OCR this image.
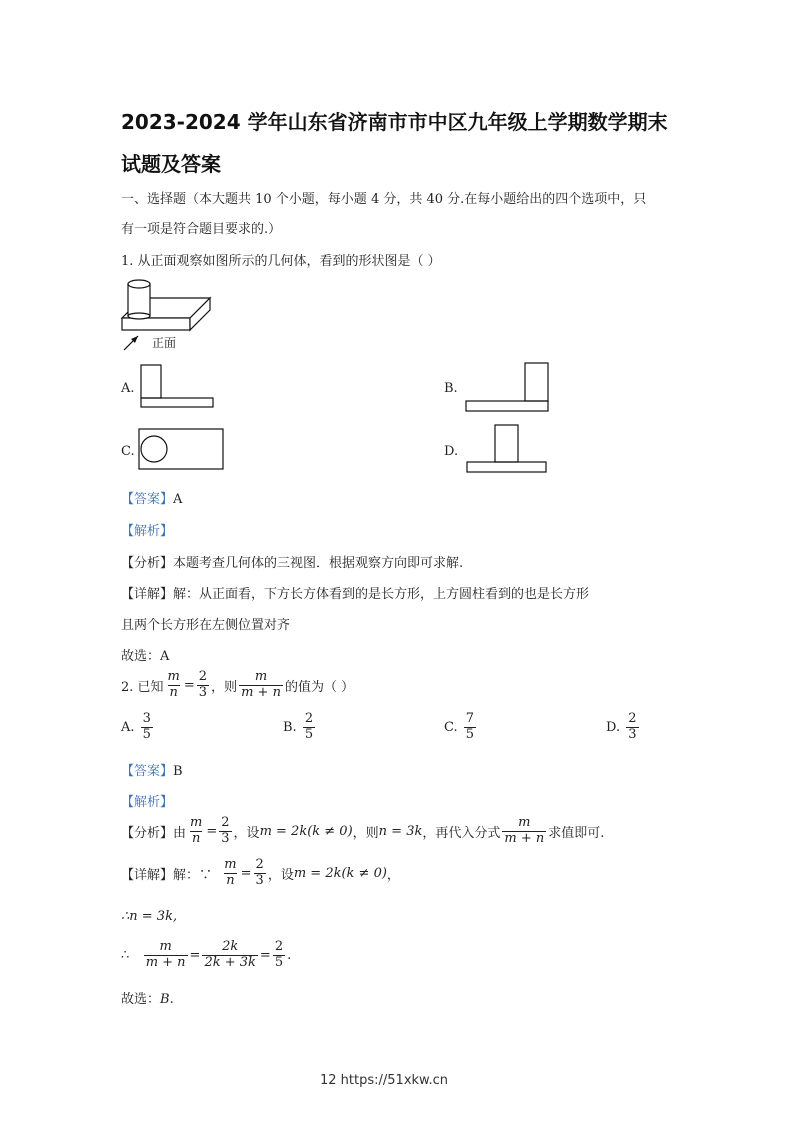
2023-2024 学年山东省济南市市中区九年级上学期数学期末
试题及答案
一、选择题（本大题共 10 个小题，每小题 4 分，共 40 分.在每小题给出的四个选项中，只
有一项是符合题目要求的.）
1. 从正面观察如图所示的几何体，看到的形状图是（ ）
正面
A.	B.
C.	D.
【答案】A
【解析】
【分析】本题考查几何体的三视图．根据观察方向即可求解.
【详解】解：从正面看，下方长方体看到的是长方形，上方圆柱看到的也是长方形
且两个长方形在左侧位置对齐
故选：A
2. 已知 $\frac{m}{n} = \frac{2}{3}$ ，则
m
m + n 的值为（ ）
A.

3
5	B.

2
5	C.

7
5	D.

2
3
【答案】B
【解析】
【分析】 由 $\frac{m}{n} = \frac{2}{3}$ ，设 m = 2k(k ≠ 0) ，则 n = 3k ，再代入分式
m
m + n 求值即可.
【详解】 解：∵
$\frac{m}{n} = \frac{2}{3}$ ，设 m = 2k(k ≠ 0) ，
∴n = 3k,
∴
$\frac{m}{m + n} = \frac{2k}{2k + 3k} = \frac{2}{5}$ .
故选：B.
12 https://51xkw.cn
